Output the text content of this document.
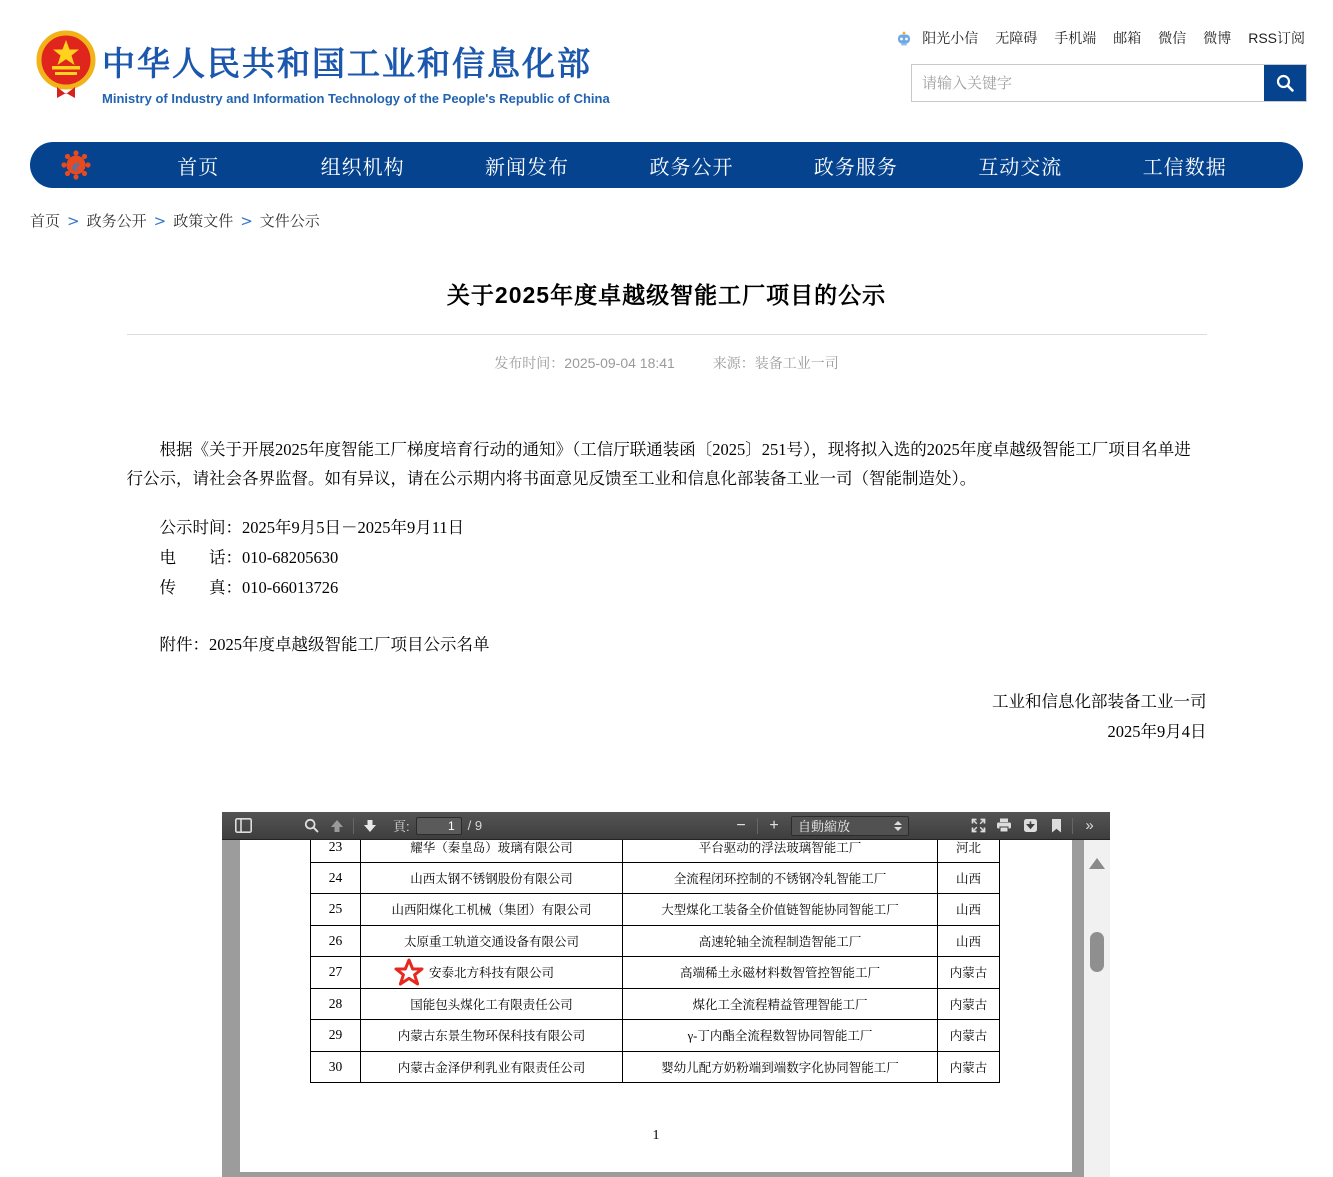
中华人民共和国工业和信息化部
Ministry of Industry and Information Technology of the People's Republic of China
阳光小信 无障碍 手机端 邮箱 微信 微博 RSS订阅
请输入关键字
e	首页	组织机构	新闻发布	政务公开	政务服务	互动交流	工信数据
首页 > 政务公开 > 政策文件 > 文件公示
关于2025年度卓越级智能工厂项目的公示
发布时间：2025-09-04 18:41	来源：装备工业一司

根据《关于开展2025年度智能工厂梯度培育行动的通知》（工信厅联通装函〔2025〕251号），现将拟入选的2025年度卓越级智能工厂项目名单进行公示，请社会各界监督。如有异议，请在公示期内将书面意见反馈至工业和信息化部装备工业一司（智能制造处）。

公示时间：2025年9月5日－2025年9月11日
电　　话：010-68205630
传　　真：010-66013726
附件：2025年度卓越级智能工厂项目公示名单
工业和信息化部装备工业一司
2025年9月4日
頁:
1	/ 9	− + 自動縮放	»
23	耀华（秦皇岛）玻璃有限公司	平台驱动的浮法玻璃智能工厂	河北
24	山西太钢不锈钢股份有限公司	全流程闭环控制的不锈钢冷轧智能工厂	山西
25	山西阳煤化工机械（集团）有限公司	大型煤化工装备全价值链智能协同智能工厂	山西
26	太原重工轨道交通设备有限公司	高速轮轴全流程制造智能工厂	山西
27	安泰北方科技有限公司	高端稀土永磁材料数智管控智能工厂	内蒙古
28	国能包头煤化工有限责任公司	煤化工全流程精益管理智能工厂	内蒙古
29	内蒙古东景生物环保科技有限公司	γ-丁内酯全流程数智协同智能工厂	内蒙古
30	内蒙古金泽伊利乳业有限责任公司	婴幼儿配方奶粉端到端数字化协同智能工厂	内蒙古
1
